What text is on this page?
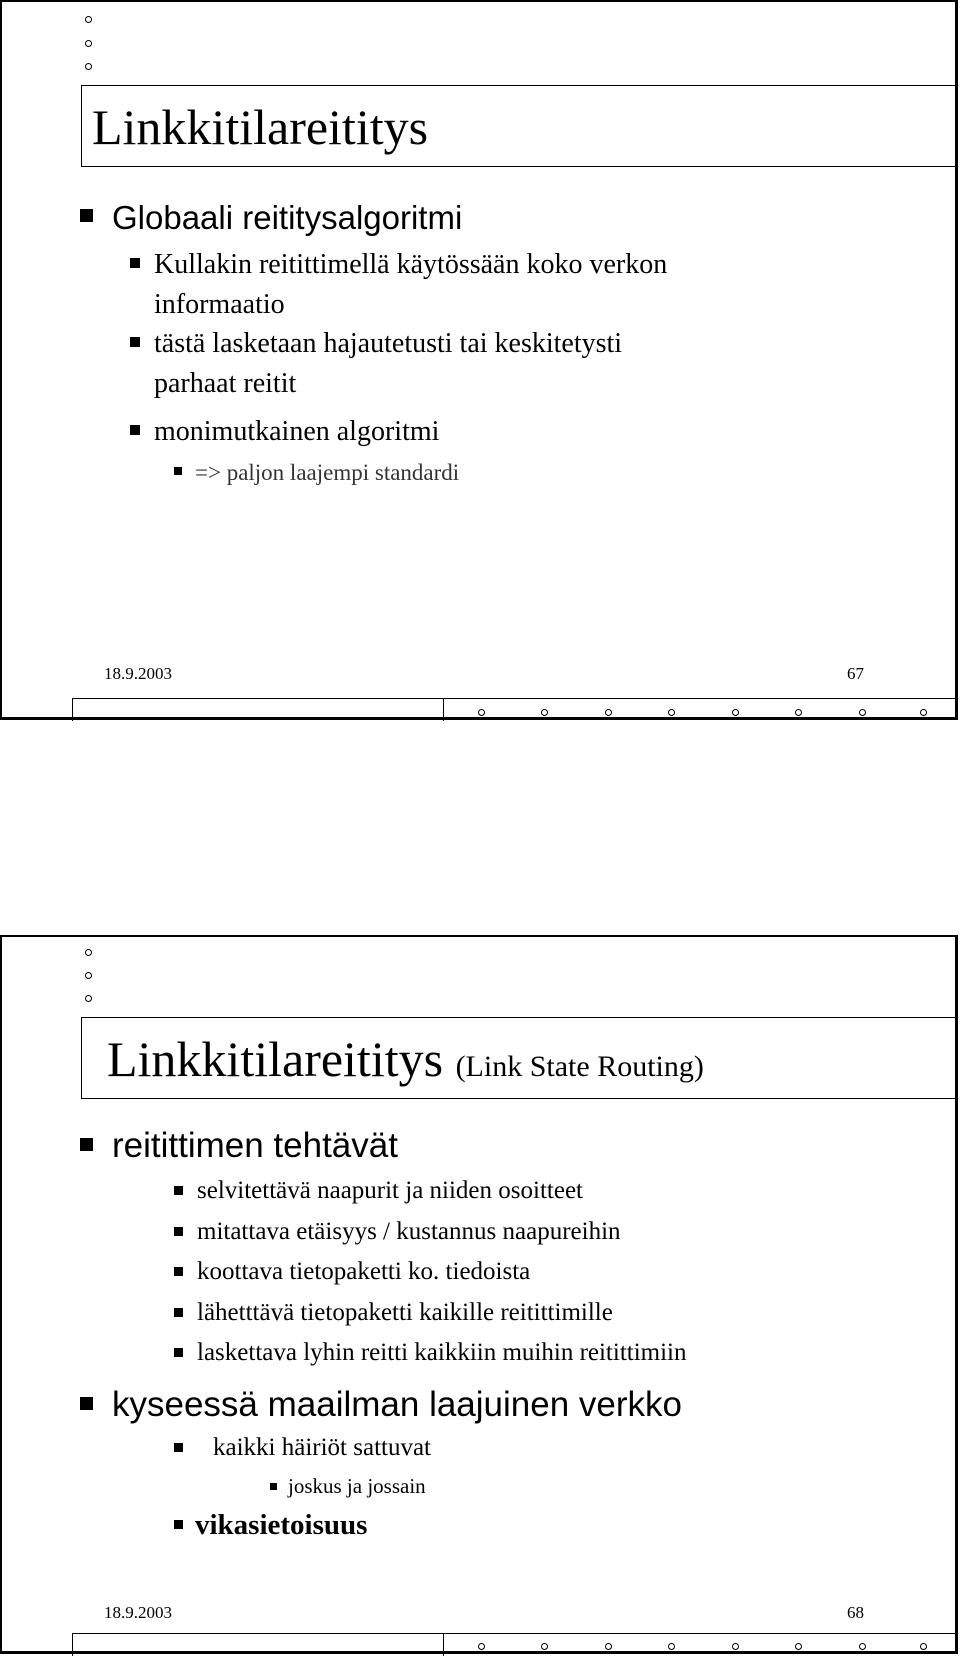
Linkkitilareititys
Globaali reititysalgoritmi
Kullakin reitittimellä käytössään koko verkon
informaatio
tästä lasketaan hajautetusti tai keskitetysti
parhaat reitit
monimutkainen algoritmi
=> paljon laajempi standardi
18.9.2003	67
Linkkitilareititys (Link State Routing)
reitittimen tehtävät
selvitettävä naapurit ja niiden osoitteet
mitattava etäisyys / kustannus naapureihin
koottava tietopaketti ko. tiedoista
lähetttävä tietopaketti kaikille reitittimille
laskettava lyhin reitti kaikkiin muihin reitittimiin
kyseessä maailman laajuinen verkko
kaikki häiriöt sattuvat
joskus ja jossain
vikasietoisuus
18.9.2003	68
